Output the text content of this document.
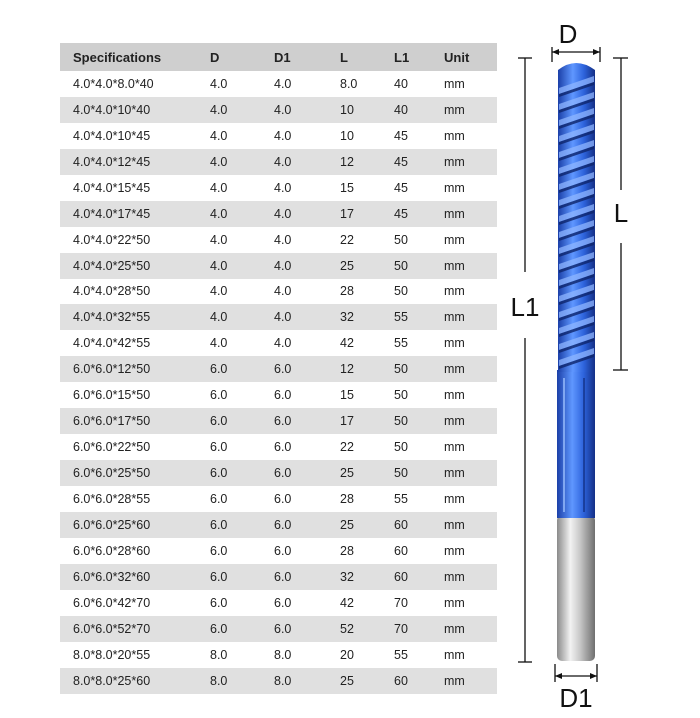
Specifications	D	D1	L	L1	Unit
4.0*4.0*8.0*40	4.0	4.0	8.0	40	mm
4.0*4.0*10*40	4.0	4.0	10	40	mm
4.0*4.0*10*45	4.0	4.0	10	45	mm
4.0*4.0*12*45	4.0	4.0	12	45	mm
4.0*4.0*15*45	4.0	4.0	15	45	mm
4.0*4.0*17*45	4.0	4.0	17	45	mm
4.0*4.0*22*50	4.0	4.0	22	50	mm
4.0*4.0*25*50	4.0	4.0	25	50	mm
4.0*4.0*28*50	4.0	4.0	28	50	mm
4.0*4.0*32*55	4.0	4.0	32	55	mm
4.0*4.0*42*55	4.0	4.0	42	55	mm
6.0*6.0*12*50	6.0	6.0	12	50	mm
6.0*6.0*15*50	6.0	6.0	15	50	mm
6.0*6.0*17*50	6.0	6.0	17	50	mm
6.0*6.0*22*50	6.0	6.0	22	50	mm
6.0*6.0*25*50	6.0	6.0	25	50	mm
6.0*6.0*28*55	6.0	6.0	28	55	mm
6.0*6.0*25*60	6.0	6.0	25	60	mm
6.0*6.0*28*60	6.0	6.0	28	60	mm
6.0*6.0*32*60	6.0	6.0	32	60	mm
6.0*6.0*42*70	6.0	6.0	42	70	mm
6.0*6.0*52*70	6.0	6.0	52	70	mm
8.0*8.0*20*55	8.0	8.0	20	55	mm
8.0*8.0*25*60	8.0	8.0	25	60	mm
D
L1
L
D1
